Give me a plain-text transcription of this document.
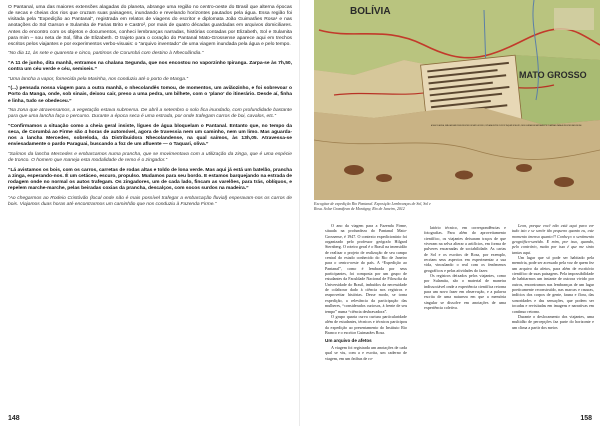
O Pantanal, uma das maiores extensões alagadas do planeta, abrange uma região no centro-oeste do Brasil que alterna épocas de secas e cheias dos rios que cruzam suas paisagens, inundando e revelando horizontes pautados pela água. Essa região foi visitada pela “Expedição ao Pantanal”, registrada em relatos de viagens do escritor e diplomata João Guimarães Rosa¹ e nas anotações do Sol Garson e Sulamita de Farias Brito e Castro², por mais de quatro décadas guardadas em arquivos domiciliares. Antes do encontro com os objetos e documentos, conheci lembranças narradas, histórias contadas por Elizabeth, Sol e Sulamita para mim – sou neta de Sol, filha de Elizabeth. O trajeto para o coração do Pantanal Mato-Grossense aparece aqui em trechos escritos pelos viajantes e por experimentos verbo-visuais: o “arquivo inventado” de uma viagem inundada pela água e pelo tempo.

“No dia 11, às sete e quarenta e cinco, partimos de Corumbá com destino à Nhecolândia.”

“A 11 de junho, dita manhã, entramos na chalana Segunda, que nos encostou no vaporzinho Ipiranga. Zarpa-se às 7h,50, contra um céu verde e céu, semiseis.”

“Uma lancha a vapor, fornecida pela Marinha, nos conduziu até o porto de Manga.”

“(...) pensada nossa viagem para a outra manhã, o nhecolandês tomou, de momentos, um aviãozinho, e foi sobrevoar o Porto da Manga, onde, sob sinais, deixou cair, preso a uma pedra, um bilhete, com o ‘plano’ do itinerário. Desde aí, finha e linha, tudo se obedeceu.”

“Na zona que atravessamos, a vegetação estava submersa. De abril a setembro o solo fica inundado, com profundidade bastante para que uma lancha faça o percurso. Durante a época seca é uma estrada, por onde trafegam carros de boi, cavalos, etc.”

“Confirmamos a situação como a cheia geral insiste, lígues de água bloquelam o Pantanal. Entanto que, no tempo da seca, de Corumbá ao Firme são 4 horas de automóvel, agora de travessia nem um caminho, nem um limo. Mas aguarda-nos a lancha Mercedes, sobreloda, da Distribuidora Nhecolandense, na qual saímos, às 13h,05. Atravessa-se enviesadamente o pardo Paraguai, buscando a foz de um afluente — o Taquari, oliva.”

“Saímos da lancha Mercedes e embarcamos numa prancha, que se movimentava com a utilização da zinga, que é uma espécie de tronco. O homem que maneja esta modalidade de remo é o zingador.”

“Lá avistamos os bois, com os carros, carretas de rodas altas e toldo de lona verde. Mas aqui já está um batelão, prancha a zinga, esperando-nos. É um cetáceo, escuro, propulso. Mudamos para seu bordo. E estamos barquejando na estrada de rodagem onde no normal os autos trafegam. Os zingadores, um de cada lado, fincam as varelões, para trás, oblíquos, e repelem marche-marche, pelas beiradas coxias da prancha, descalços, com socos surdos na madeira.”

“Ao chegarmos ao Rodeio Cristóvão (local onde não é mais possível trafegar a embarcação fluvial) esperavam-nos os carros de bois. Viajamos duas horas até encontrarmos um caminhão que nos conduziu à Fazenda Firme.”

148	158
BOLÍVIA
MATO GROSSO
A NHECOLÂNDIA, UMA DAS MAIS RICAS REGIÕES DE MATO-GROSSO, SITUADA ENTRE OS RIOS TAQUARI E NEGRO, DESLOCARAM-SE RAPIDAMENTE OS ANIMAIS PARA AS REGIÕES MAIS SECAS
Excogitur de expedição Rio Pantanal. Exposição Lembranças de Sol, Sol e Rosa. Solar Grandjean de Montigny, Rio de Janeiro, 2012

O ano da viagem para a Fazenda Firme, situada na profundeza do Pantanal Mato-Grossense, é 1947. O contexto expedicionário foi organizado pelo professor geógrafo Hilgard Sternberg. O roteiro geral é o Brasil na imensidão de realizar o projeto de realização de seu campo central do estado conhecido do Rio de Janeiro para o centro-oeste do país. A “Expedição ao Pantanal”, como é lembrada por seus participantes, foi composta por um grupo de estudantes da Faculdade Nacional de Filosofia da Universidade do Brasil, imbuídos da necessidade de colaborar dado à ciência nos registros e reaproveitar histórias. Desse modo, se torna expedição, a relevância da participação das mulheres, “considerados curiosos, à frente de seu tempo” numa “ciência desbravadora”.

O grupo quarta curva curtura particularidade além de estudantes, técnicos e técnicos participou da expedição ao presentamento do Instituto Rio Branco e o escritor Guimarães Rosa.

Um arquivo de afetos

A viagem foi registrada um anotações de cada qual se viu, com a e escrita, um caderno de viagem, em um ônibus de ro-

latório técnico, em correspondências e fotografias. Para além do aproveitamento científico, os viajantes deixaram traços de que viveram na selva alterar a artifícios, em forma de pulveres encarnadas de sociabilidade. As cartas de Sol e os escritos de Rosa, por exemplo, recriam seus aspectos em experimentar a sua vida, vinculando o real com os fenômenos geográficos e pelas atividades do fazer.

Os registros deixados pelos viajantes, como por Sulamita, são o material de maneira indissociável onde a experiência científica retorna para um novo fazer em observação, e a palavra escrita de uma natureza em que a memória singular se dissolve em anotações de uma experiência coletiva.

Leon, porque você não está aqui para ver tudo isto e se sentir tão pequeno quanto eu, este momento imenso quanto?! Conheço o sentimento geográfico-sentido. E mim, por isso, quando, pelo contrário, muito por isso é que me sinto tantas aqui.

Um lugar que só pode ser habitado pela memória, pode ser acessado pela voz de quem fez um arquivo da afetos, para além de escritório científico de suas paisagens. Pela impossibilidade de habitarmos um instante de outrora vivido por outros, encontramos nas lembranças de um lugar poeticamente reconstruído, nas marcas e rasuras, indícios dos corpos de gente, fauna e flora, das sonoridades e das sensações, que podem ser tocadas e revisitadas em imagens e narrativas em contínuo retorno.

Durante o deslocamento dos viajantes, uma multidão de percepções faz parte do horizonte e um clima a partir dos meios
